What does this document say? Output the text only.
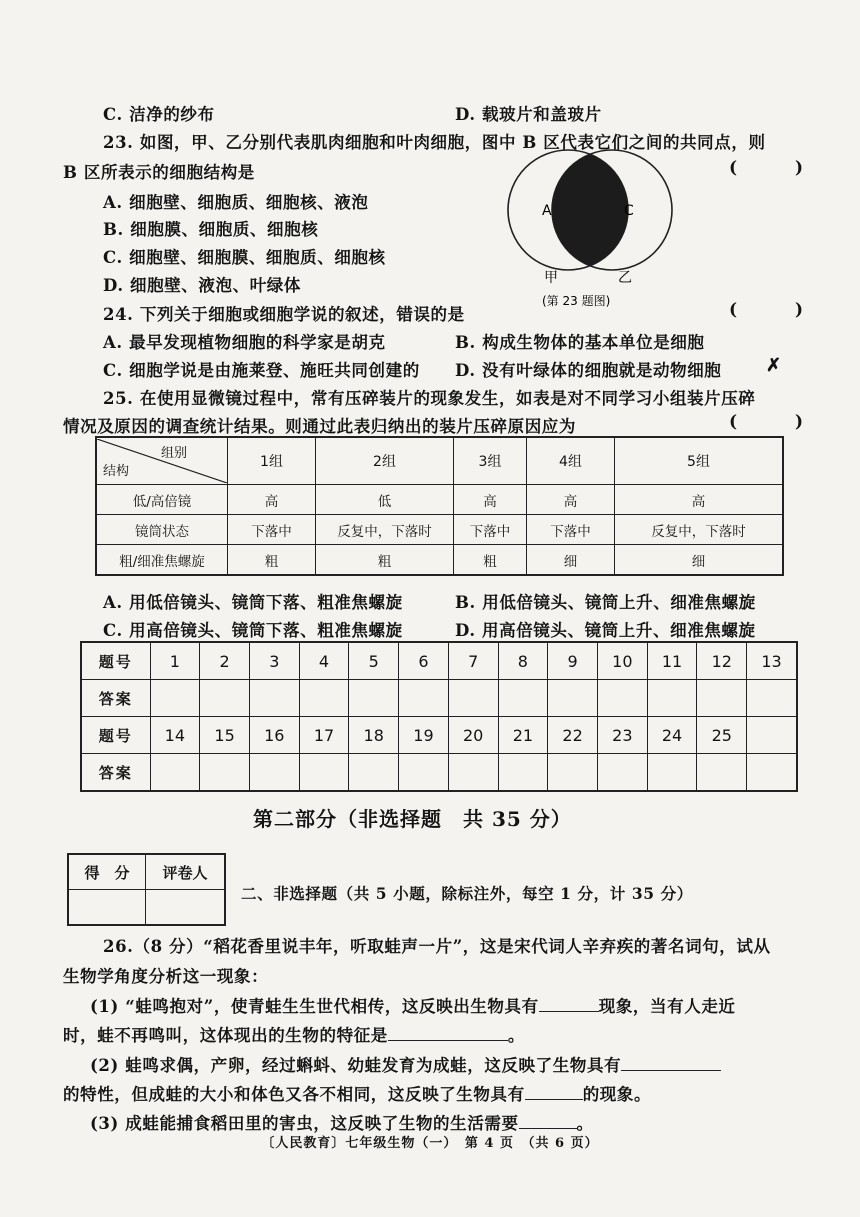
C. 洁净的纱布	D. 载玻片和盖玻片
23. 如图，甲、乙分别代表肌肉细胞和叶肉细胞，图中 B 区代表它们之间的共同点，则
B 区所表示的细胞结构是	( )
A. 细胞壁、细胞质、细胞核、液泡
B. 细胞膜、细胞质、细胞核
C. 细胞壁、细胞膜、细胞质、细胞核
D. 细胞壁、液泡、叶绿体
A	C
甲	乙
(第 23 题图)
24. 下列关于细胞或细胞学说的叙述，错误的是	( )
A. 最早发现植物细胞的科学家是胡克	B. 构成生物体的基本单位是细胞
C. 细胞学说是由施莱登、施旺共同创建的 D. 没有叶绿体的细胞就是动物细胞 ✗
25. 在使用显微镜过程中，常有压碎装片的现象发生，如表是对不同学习小组装片压碎
情况及原因的调查统计结果。则通过此表归纳出的装片压碎原因应为	( )
组别
结构	1组	2组	3组	4组	5组
低/高倍镜	高	低	高	高	高
镜筒状态	下落中	反复中，下落时	下落中	下落中	反复中，下落时
粗/细准焦螺旋	粗	粗	粗	细	细
A. 用低倍镜头、镜筒下落、粗准焦螺旋	B. 用低倍镜头、镜筒上升、细准焦螺旋
C. 用高倍镜头、镜筒下落、粗准焦螺旋	D. 用高倍镜头、镜筒上升、细准焦螺旋
题号	1	2	3	4	5	6	7	8	9	10	11	12	13
答案													
题号	14	15	16	17	18	19	20	21	22	23	24	25	
答案													
第二部分（非选择题　共 35 分）
得　分	评卷人

二、非选择题（共 5 小题，除标注外，每空 1 分，计 35 分）
26.（8 分）“稻花香里说丰年，听取蛙声一片”，这是宋代词人辛弃疾的著名词句，试从
生物学角度分析这一现象：
(1) “蛙鸣抱对”，使青蛙生生世代相传，这反映出生物具有	现象，当有人走近
时，蛙不再鸣叫，这体现出的生物的特征是	。
(2) 蛙鸣求偶，产卵，经过蝌蚪、幼蛙发育为成蛙，这反映了生物具有
的特性，但成蛙的大小和体色又各不相同，这反映了生物具有	的现象。
(3) 成蛙能捕食稻田里的害虫，这反映了生物的生活需要	。
〔人民教育〕七年级生物（一）　第 4 页　（共 6 页）
